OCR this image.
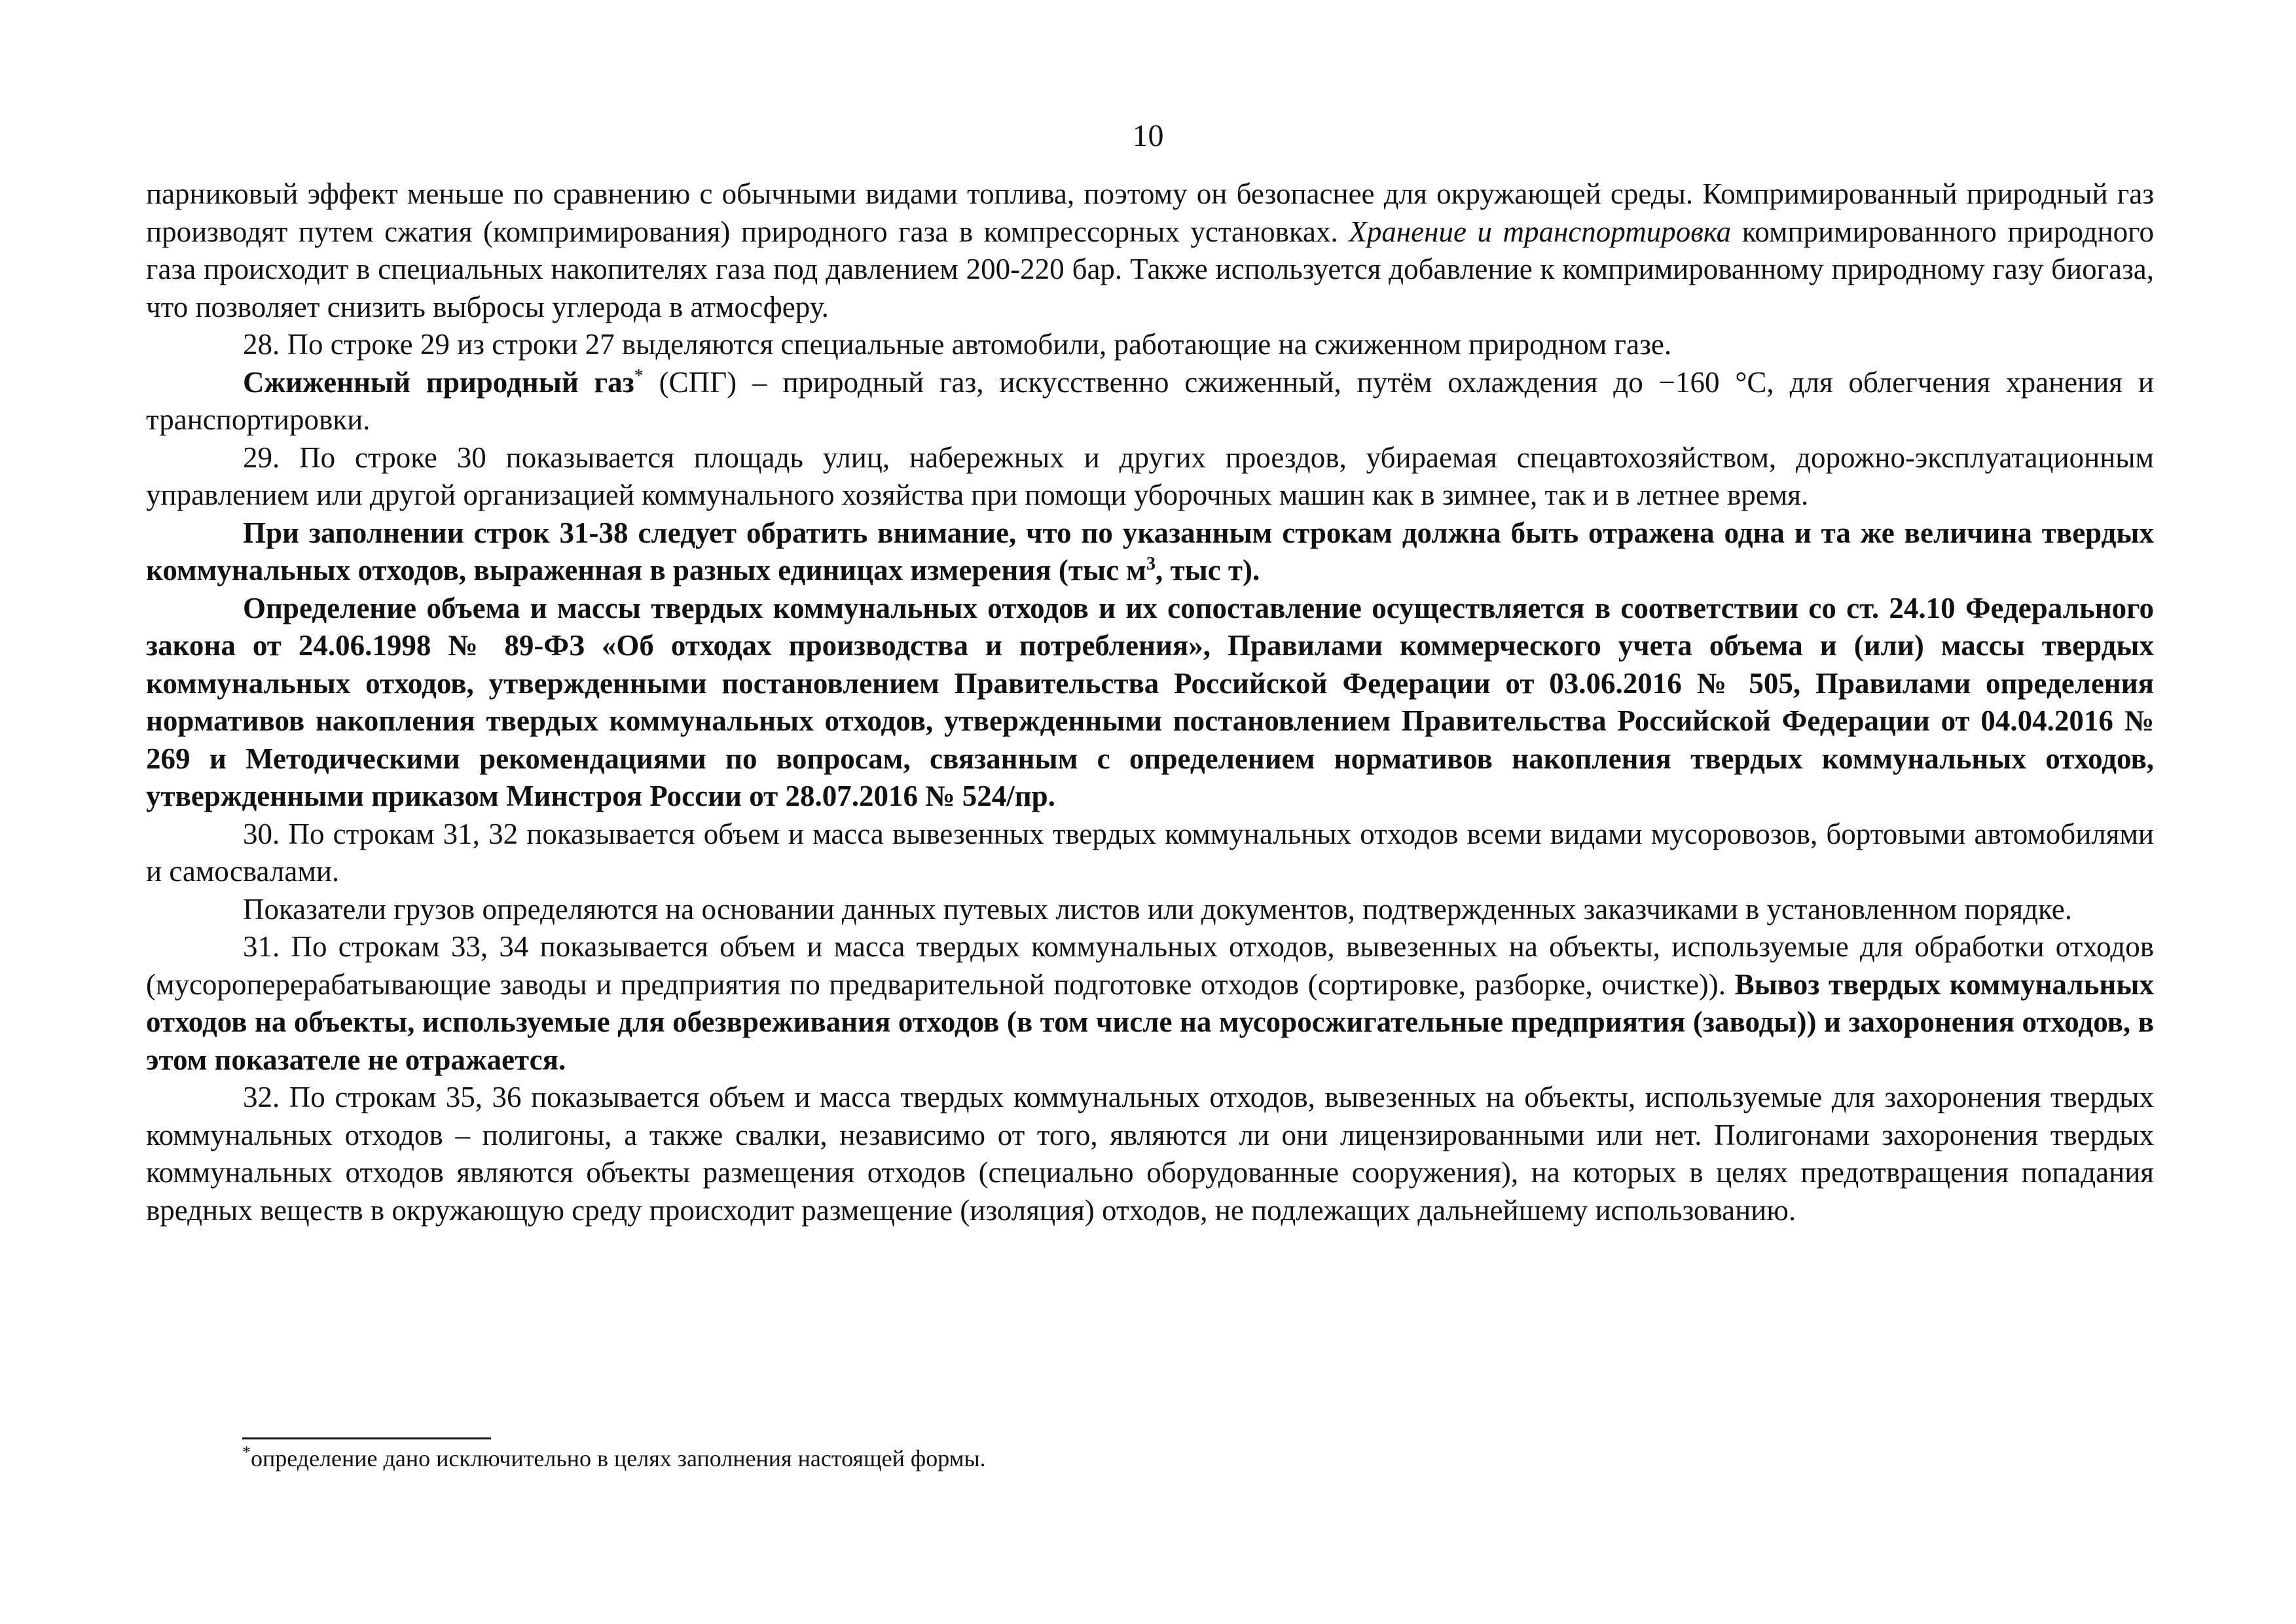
10

парниковый эффект меньше по сравнению с обычными видами топлива, поэтому он безопаснее для окружающей среды. Компримированный природный газ производят путем сжатия (компримирования) природного газа в компрессорных установках. Хранение и транспортировка компримированного природного газа происходит в специальных накопителях газа под давлением 200-220 бар. Также используется добавление к компримированному природному газу биогаза, что позволяет снизить выбросы углерода в атмосферу.

28. По строке 29 из строки 27 выделяются специальные автомобили, работающие на сжиженном природном газе.

Сжиженный природный газ* (СПГ) – природный газ, искусственно сжиженный, путём охлаждения до −160 °С, для облегчения хранения и транспортировки.

29. По строке 30 показывается площадь улиц, набережных и других проездов, убираемая спецавтохозяйством, дорожно-эксплуатационным управлением или другой организацией коммунального хозяйства при помощи уборочных машин как в зимнее, так и в летнее время.

При заполнении строк 31-38 следует обратить внимание, что по указанным строкам должна быть отражена одна и та же величина твердых коммунальных отходов, выраженная в разных единицах измерения (тыс $м^3$, тыс т).

Определение объема и массы твердых коммунальных отходов и их сопоставление осуществляется в соответствии со ст. 24.10 Федерального закона от 24.06.1998 № 89-ФЗ «Об отходах производства и потребления», Правилами коммерческого учета объема и (или) массы твердых коммунальных отходов, утвержденными постановлением Правительства Российской Федерации от 03.06.2016 № 505, Правилами определения нормативов накопления твердых коммунальных отходов, утвержденными постановлением Правительства Российской Федерации от 04.04.2016 № 269 и Методическими рекомендациями по вопросам, связанным с определением нормативов накопления твердых коммунальных отходов, утвержденными приказом Минстроя России от 28.07.2016 № 524/пр.

30. По строкам 31, 32 показывается объем и масса вывезенных твердых коммунальных отходов всеми видами мусоровозов, бортовыми автомобилями и самосвалами.

Показатели грузов определяются на основании данных путевых листов или документов, подтвержденных заказчиками в установленном порядке.

31. По строкам 33, 34 показывается объем и масса твердых коммунальных отходов, вывезенных на объекты, используемые для обработки отходов (мусороперерабатывающие заводы и предприятия по предварительной подготовке отходов (сортировке, разборке, очистке)). Вывоз твердых коммунальных отходов на объекты, используемые для обезвреживания отходов (в том числе на мусоросжигательные предприятия (заводы)) и захоронения отходов, в этом показателе не отражается.

32. По строкам 35, 36 показывается объем и масса твердых коммунальных отходов, вывезенных на объекты, используемые для захоронения твердых коммунальных отходов – полигоны, а также свалки, независимо от того, являются ли они лицензированными или нет. Полигонами захоронения твердых коммунальных отходов являются объекты размещения отходов (специально оборудованные сооружения), на которых в целях предотвращения попадания вредных веществ в окружающую среду происходит размещение (изоляция) отходов, не подлежащих дальнейшему использованию.

*определение дано исключительно в целях заполнения настоящей формы.
